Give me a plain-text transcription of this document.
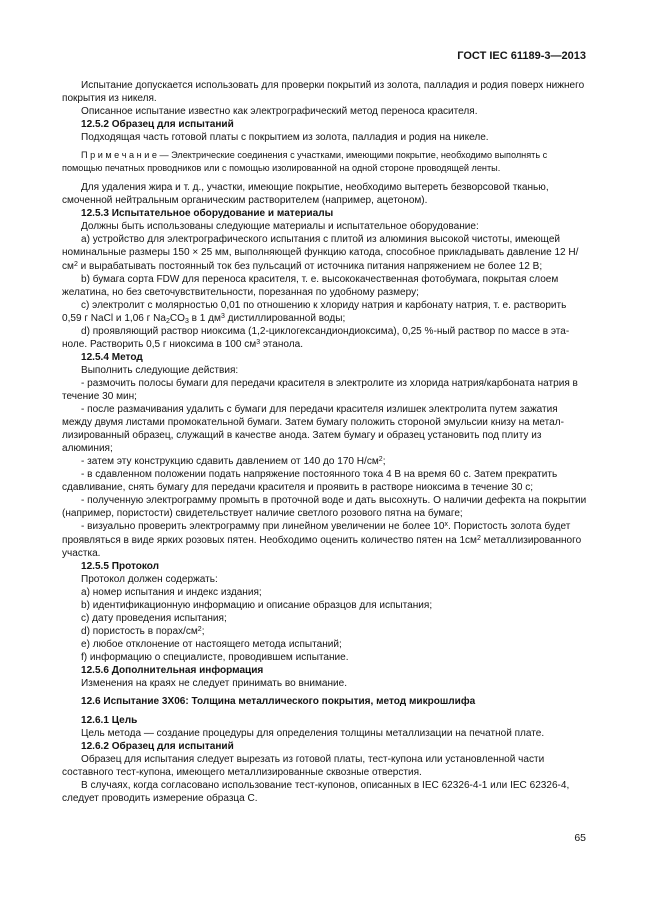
ГОСТ IEC 61189-3—2013

Испытание допускается использовать для проверки покрытий из золота, палладия и родия поверх нижнего покрытия из никеля.

Описанное испытание известно как электрографический метод переноса красителя.

12.5.2 Образец для испытаний

Подходящая часть готовой платы с покрытием из золота, палладия и родия на никеле.

П р и м е ч а н и е — Электрические соединения с участками, имеющими покрытие, необходимо выполнять с помощью печатных проводников или с помощью изолированной на одной стороне проводящей ленты.

Для удаления жира и т. д., участки, имеющие покрытие, необходимо вытереть безворсовой тканью, смоченной нейтральным органическим растворителем (например, ацетоном).

12.5.3 Испытательное оборудование и материалы

Должны быть использованы следующие материалы и испытательное оборудование:

а) устройство для электрографического испытания с плитой из алюминия высокой чистоты, имеющей номинальные размеры 150 × 25 мм, выполняющей функцию катода, способное прикладывать давление 12 $Н/см^2$ и вырабатывать постоянный ток без пульсаций от источника питания напряжением не более 12 В;

b) бумага сорта FDW для переноса красителя, т. е. высококачественная фотобумага, покрытая слоем желатина, но без светочувствительности, порезанная по удобному размеру;

с) электролит с молярностью 0,01 по отношению к хлориду натрия и карбонату натрия, т. е. растворить 0,59 г NaCl и 1,06 г $Na_2CO_3$ в 1 $дм^3$ дистиллированной воды;

d) проявляющий раствор ниоксима (1,2-циклогександиондиоксима), 0,25 %-ный раствор по массе в этаноле. Растворить 0,5 г ниоксима в 100 $см^3$ этанола.

12.5.4 Метод

Выполнить следующие действия:

- размочить полосы бумаги для передачи красителя в электролите из хлорида натрия/карбоната натрия в течение 30 мин;

- после размачивания удалить с бумаги для передачи красителя излишек электролита путем зажатия между двумя листами промокательной бумаги. Затем бумагу положить стороной эмульсии книзу на металлизированный образец, служащий в качестве анода. Затем бумагу и образец установить под плиту из алюминия;

- затем эту конструкцию сдавить давлением от 140 до 170 $Н/см^2$;

- в сдавленном положении подать напряжение постоянного тока 4 В на время 60 с. Затем прекратить сдавливание, снять бумагу для передачи красителя и проявить в растворе ниоксима в течение 30 с;

- полученную электрограмму промыть в проточной воде и дать высохнуть. О наличии дефекта на покрытии (например, пористости) свидетельствует наличие светлого розового пятна на бумаге;

- визуально проверить электрограмму при линейном увеличении не более $10^х$. Пористость золота будет проявляться в виде ярких розовых пятен. Необходимо оценить количество пятен на $1см^2$ металлизированного участка.

12.5.5 Протокол

Протокол должен содержать:

а) номер испытания и индекс издания;

b) идентификационную информацию и описание образцов для испытания;

с) дату проведения испытания;

d) пористость в порах/$см^2$;

е) любое отклонение от настоящего метода испытаний;

f) информацию о специалисте, проводившем испытание.

12.5.6 Дополнительная информация

Изменения на краях не следует принимать во внимание.

12.6 Испытание 3X06: Толщина металлического покрытия, метод микрошлифа

12.6.1 Цель

Цель метода — создание процедуры для определения толщины металлизации на печатной плате.

12.6.2 Образец для испытаний

Образец для испытания следует вырезать из готовой платы, тест-купона или установленной части составного тест-купона, имеющего металлизированные сквозные отверстия.

В случаях, когда согласовано использование тест-купонов, описанных в IEC 62326-4-1 или IEC 62326-4, следует проводить измерение образца С.

65
